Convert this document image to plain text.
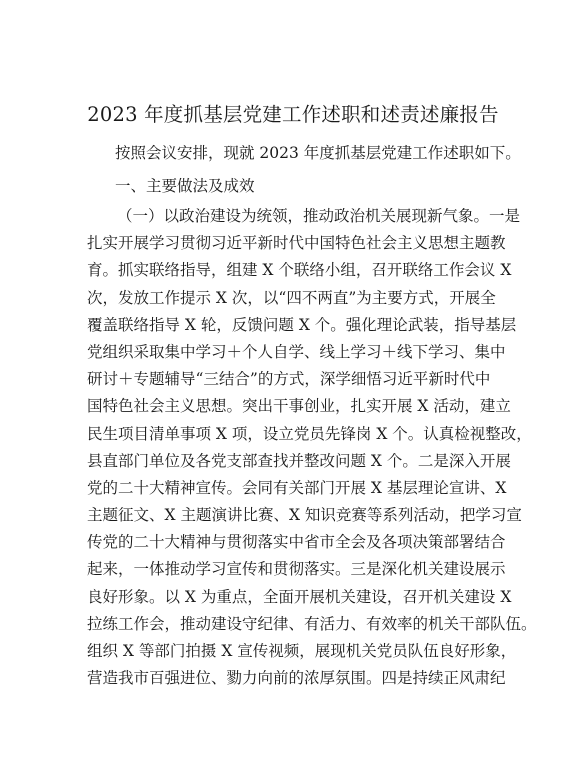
2023 年度抓基层党建工作述职和述责述廉报告
按照会议安排，现就 2023 年度抓基层党建工作述职如下。
一、主要做法及成效
（一）以政治建设为统领，推动政治机关展现新气象。一是
扎实开展学习贯彻习近平新时代中国特色社会主义思想主题教
育。抓实联络指导，组建 X 个联络小组，召开联络工作会议 X
次，发放工作提示 X 次，以“四不两直”为主要方式，开展全
覆盖联络指导 X 轮，反馈问题 X 个。强化理论武装，指导基层
党组织采取集中学习＋个人自学、线上学习＋线下学习、集中
研讨＋专题辅导“三结合”的方式，深学细悟习近平新时代中
国特色社会主义思想。突出干事创业，扎实开展 X 活动，建立
民生项目清单事项 X 项，设立党员先锋岗 X 个。认真检视整改，
县直部门单位及各党支部查找并整改问题 X 个。二是深入开展
党的二十大精神宣传。会同有关部门开展 X 基层理论宣讲、X
主题征文、X 主题演讲比赛、X 知识竞赛等系列活动，把学习宣
传党的二十大精神与贯彻落实中省市全会及各项决策部署结合
起来，一体推动学习宣传和贯彻落实。三是深化机关建设展示
良好形象。以 X 为重点，全面开展机关建设，召开机关建设 X
拉练工作会，推动建设守纪律、有活力、有效率的机关干部队伍。
组织 X 等部门拍摄 X 宣传视频，展现机关党员队伍良好形象，
营造我市百强进位、勠力向前的浓厚氛围。四是持续正风肃纪
